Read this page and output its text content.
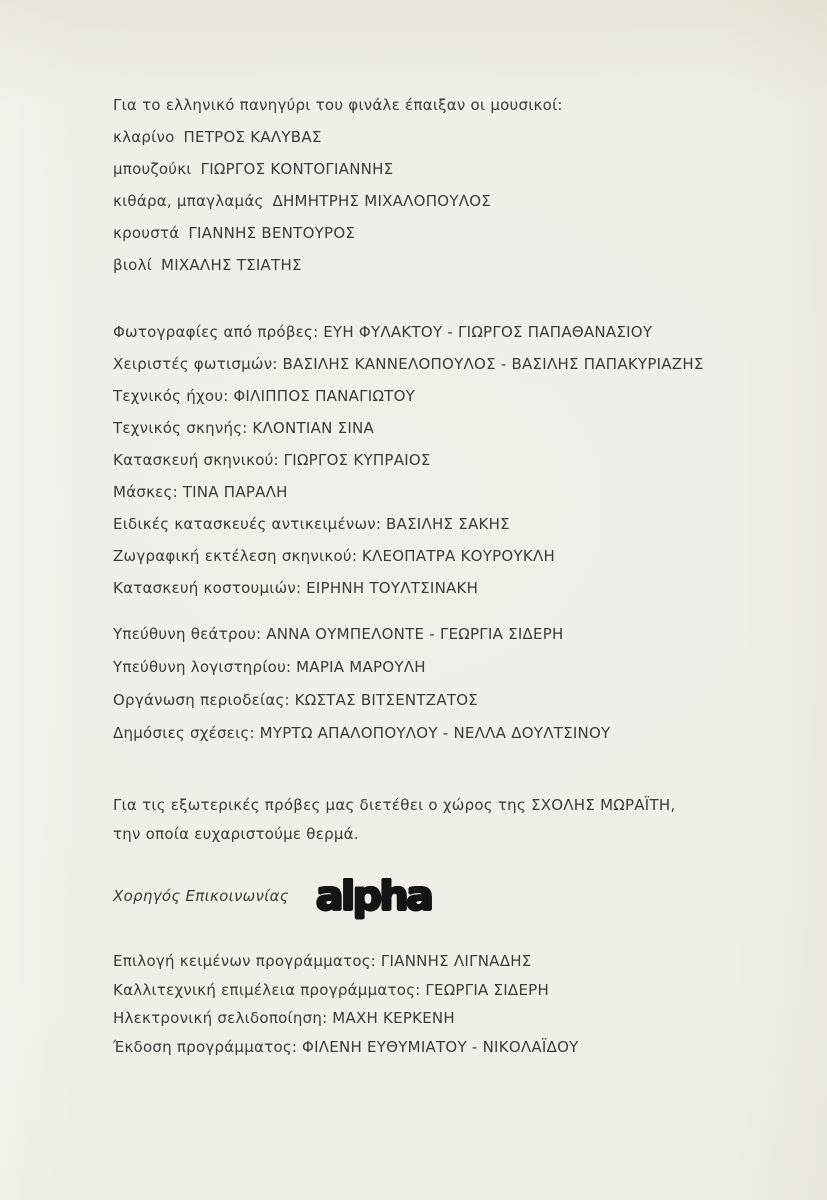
Για το ελληνικό πανηγύρι του φινάλε έπαιξαν οι μουσικοί:
κλαρίνο ΠΕΤΡΟΣ ΚΑΛΥΒΑΣ
μπουζούκι ΓΙΩΡΓΟΣ ΚΟΝΤΟΓΙΑΝΝΗΣ
κιθάρα, μπαγλαμάς ΔΗΜΗΤΡΗΣ ΜΙΧΑΛΟΠΟΥΛΟΣ
κρουστά ΓΙΑΝΝΗΣ ΒΕΝΤΟΥΡΟΣ
βιολί ΜΙΧΑΛΗΣ ΤΣΙΑΤΗΣ
Φωτογραφίες από πρόβες: ΕΥΗ ΦΥΛΑΚΤΟΥ - ΓΙΩΡΓΟΣ ΠΑΠΑΘΑΝΑΣΙΟΥ
Χειριστές φωτισμών: ΒΑΣΙΛΗΣ ΚΑΝΝΕΛΟΠΟΥΛΟΣ - ΒΑΣΙΛΗΣ ΠΑΠΑΚΥΡΙΑΖΗΣ
Τεχνικός ήχου: ΦΙΛΙΠΠΟΣ ΠΑΝΑΓΙΩΤΟΥ
Τεχνικός σκηνής: ΚΛΟΝΤΙΑΝ ΣΙΝΑ
Κατασκευή σκηνικού: ΓΙΩΡΓΟΣ ΚΥΠΡΑΙΟΣ
Μάσκες: ΤΙΝΑ ΠΑΡΑΛΗ
Ειδικές κατασκευές αντικειμένων: ΒΑΣΙΛΗΣ ΣΑΚΗΣ
Ζωγραφική εκτέλεση σκηνικού: ΚΛΕΟΠΑΤΡΑ ΚΟΥΡΟΥΚΛΗ
Κατασκευή κοστουμιών: ΕΙΡΗΝΗ ΤΟΥΛΤΣΙΝΑΚΗ
Υπεύθυνη θεάτρου: ΑΝΝΑ ΟΥΜΠΕΛΟΝΤΕ - ΓΕΩΡΓΙΑ ΣΙΔΕΡΗ
Υπεύθυνη λογιστηρίου: ΜΑΡΙΑ ΜΑΡΟΥΛΗ
Οργάνωση περιοδείας: ΚΩΣΤΑΣ ΒΙΤΣΕΝΤΖΑΤΟΣ
Δημόσιες σχέσεις: ΜΥΡΤΩ ΑΠΑΛΟΠΟΥΛΟΥ - ΝΕΛΛΑ ΔΟΥΛΤΣΙΝΟΥ
Για τις εξωτερικές πρόβες μας διετέθει ο χώρος της ΣΧΟΛΗΣ ΜΩΡΑΪΤΗ,
την οποία ευχαριστούμε θερμά.
Χορηγός Επικοινωνίας alpha
Επιλογή κειμένων προγράμματος: ΓΙΑΝΝΗΣ ΛΙΓΝΑΔΗΣ
Καλλιτεχνική επιμέλεια προγράμματος: ΓΕΩΡΓΙΑ ΣΙΔΕΡΗ
Ηλεκτρονική σελιδοποίηση: ΜΑΧΗ ΚΕΡΚΕΝΗ
Έκδοση προγράμματος: ΦΙΛΕΝΗ ΕΥΘΥΜΙΑΤΟΥ - ΝΙΚΟΛΑΪΔΟΥ
